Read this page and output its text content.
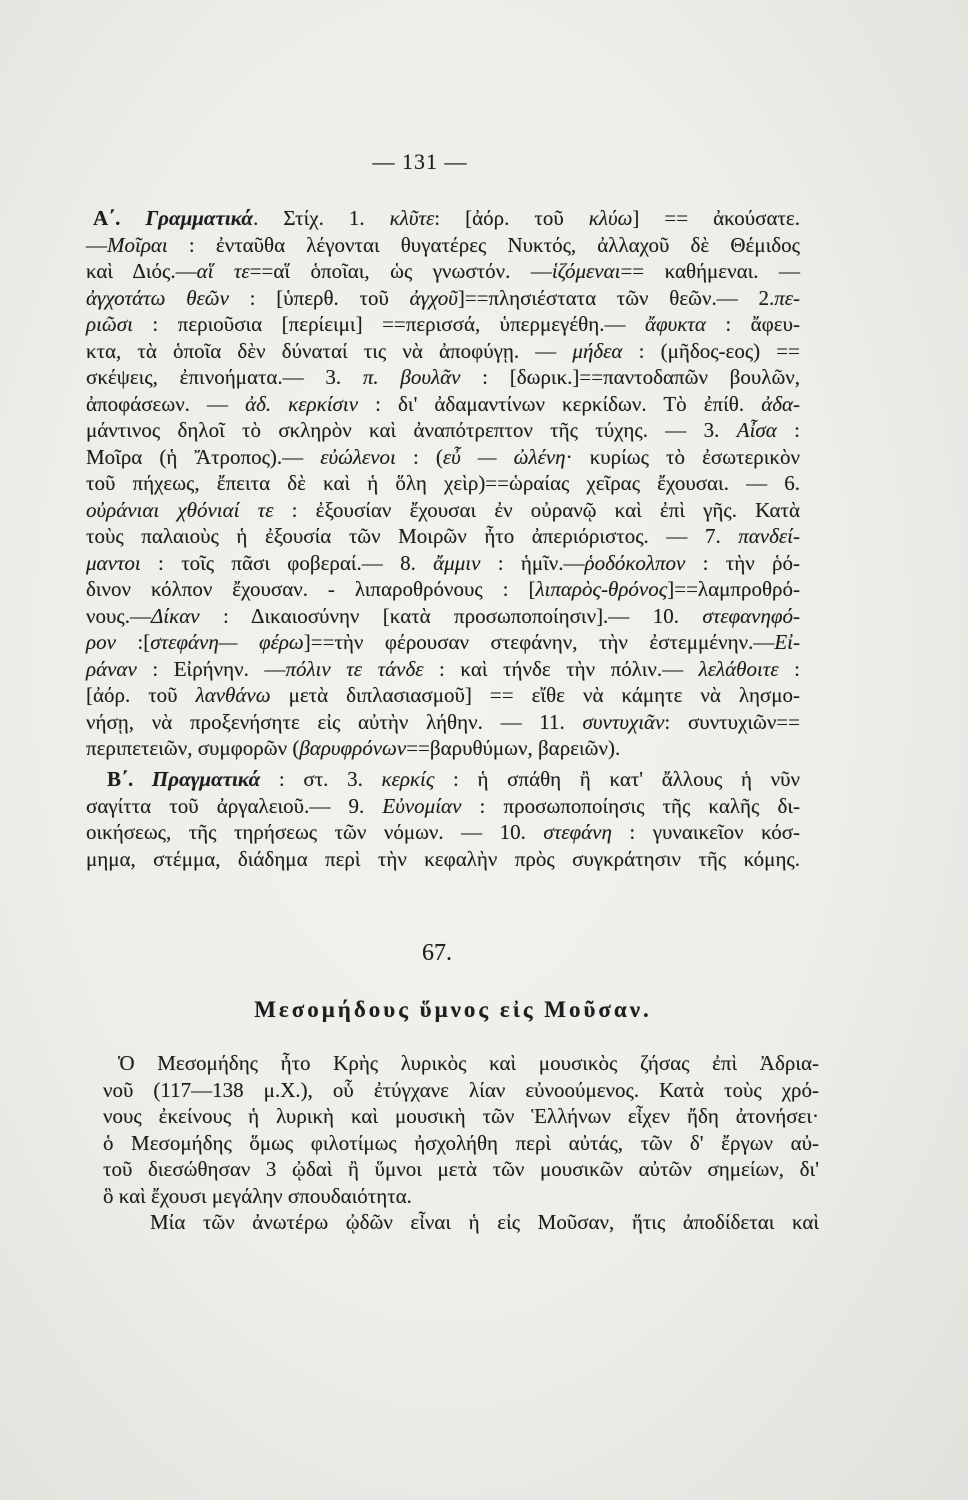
— 131 —
Α΄. Γραμματικά. Στίχ. 1. κλῦτε: [ἀόρ. τοῦ κλύω] == ἀκούσατε.
—Μοῖραι : ἐνταῦθα λέγονται θυγατέρες Νυκτός, ἀλλαχοῦ δὲ Θέμιδος
καὶ Διός.—αἵ τε==αἵ ὁποῖαι, ὡς γνωστόν. —ἱζόμεναι== καθήμεναι. —
ἀγχοτάτω θεῶν : [ὑπερθ. τοῦ ἀγχοῦ]==πλησιέστατα τῶν θεῶν.— 2.πε-
ριῶσι : περιοῦσια [περίειμι] ==περισσά, ὑπερμεγέθη.— ἄφυκτα : ἄφευ-
κτα, τὰ ὁποῖα δὲν δύναταί τις νὰ ἀποφύγῃ. — μήδεα : (μῆδος-εος) ==
σκέψεις, ἐπινοήματα.— 3. π. βουλᾶν : [δωρικ.]==παντοδαπῶν βουλῶν,
ἀποφάσεων. — ἀδ. κερκίσιν : δι' ἀδαμαντίνων κερκίδων. Τὸ ἐπίθ. ἀδα-
μάντινος δηλοῖ τὸ σκληρὸν καὶ ἀναπότρεπτον τῆς τύχης. — 3. Αἶσα :
Μοῖρα (ἡ Ἄτροπος).— εὐώλενοι : (εὖ — ὠλένη· κυρίως τὸ ἐσωτερικὸν
τοῦ πήχεως, ἔπειτα δὲ καὶ ἡ ὅλη χεὶρ)==ὡραίας χεῖρας ἔχουσαι. — 6.
οὐράνιαι χθόνιαί τε : ἐξουσίαν ἔχουσαι ἐν οὐρανῷ καὶ ἐπὶ γῆς. Κατὰ
τοὺς παλαιοὺς ἡ ἐξουσία τῶν Μοιρῶν ἦτο ἀπεριόριστος. — 7. πανδεί-
μαντοι : τοῖς πᾶσι φοβεραί.— 8. ἄμμιν : ἡμῖν.—ῥοδόκολπον : τὴν ῥό-
δινον κόλπον ἔχουσαν. - λιπαροθρόνους : [λιπαρὸς-θρόνος]==λαμπροθρό-
νους.—Δίκαν : Δικαιοσύνην [κατὰ προσωποποίησιν].— 10. στεφανηφό-
ρον :[στεφάνη— φέρω]==τὴν φέρουσαν στεφάνην, τὴν ἐστεμμένην.—Εἰ-
ράναν : Εἰρήνην. —πόλιν τε τάνδε : καὶ τήνδε τὴν πόλιν.— λελάθοιτε :
[ἀόρ. τοῦ λανθάνω μετὰ διπλασιασμοῦ] == εἴθε νὰ κάμητε νὰ λησμο-
νήσῃ, νὰ προξενήσητε εἰς αὐτὴν λήθην. — 11. συντυχιᾶν: συντυχιῶν==
περιπετειῶν, συμφορῶν (βαρυφρόνων==βαρυθύμων, βαρειῶν).
Β΄. Πραγματικά : στ. 3. κερκίς : ἡ σπάθη ἢ κατ' ἄλλους ἡ νῦν
σαγίττα τοῦ ἀργαλειοῦ.— 9. Εὐνομίαν : προσωποποίησις τῆς καλῆς δι-
οικήσεως, τῆς τηρήσεως τῶν νόμων. — 10. στεφάνη : γυναικεῖον κόσ-
μημα, στέμμα, διάδημα περὶ τὴν κεφαλὴν πρὸς συγκράτησιν τῆς κόμης.
67.
Μεσομήδους ὕμνος εἰς Μοῦσαν.
Ὁ Μεσομήδης ἦτο Κρὴς λυρικὸς καὶ μουσικὸς ζήσας ἐπὶ Ἀδρια-
νοῦ (117—138 μ.Χ.), οὗ ἐτύγχανε λίαν εὐνοούμενος. Κατὰ τοὺς χρό-
νους ἐκείνους ἡ λυρικὴ καὶ μουσικὴ τῶν Ἑλλήνων εἶχεν ἤδη ἀτονήσει·
ὁ Μεσομήδης ὅμως φιλοτίμως ἠσχολήθη περὶ αὐτάς, τῶν δ' ἔργων αὐ-
τοῦ διεσώθησαν 3 ᾠδαὶ ἢ ὕμνοι μετὰ τῶν μουσικῶν αὐτῶν σημείων, δι'
ὃ καὶ ἔχουσι μεγάλην σπουδαιότητα.
Μία τῶν ἀνωτέρω ᾠδῶν εἶναι ἡ εἰς Μοῦσαν, ἥτις ἀποδίδεται καὶ
